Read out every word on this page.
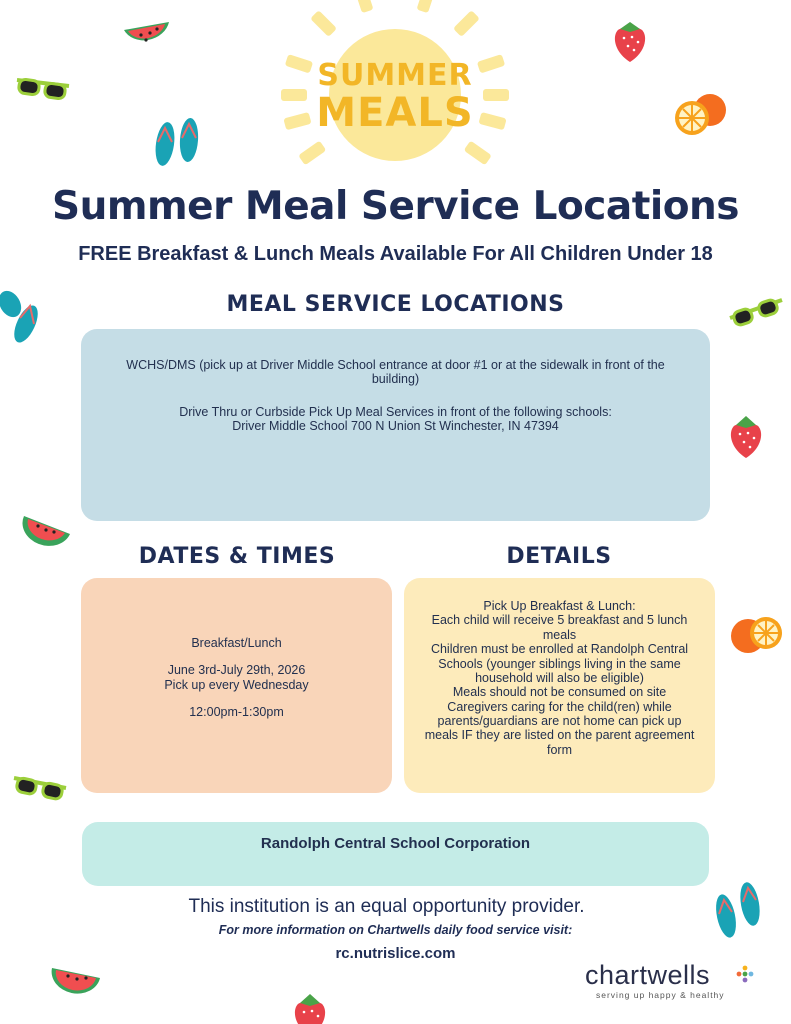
SUMMER
MEALS
Summer Meal Service Locations
FREE Breakfast & Lunch Meals Available For All Children Under 18
MEAL SERVICE LOCATIONS

WCHS/DMS (pick up at Driver Middle School entrance at door #1 or at the sidewalk in front of the building)

Drive Thru or Curbside Pick Up Meal Services in front of the following schools:

Driver Middle School 700 N Union St Winchester, IN 47394

DATES & TIMES

Breakfast/Lunch

June 3rd-July 29th, 2026

Pick up every Wednesday

12:00pm-1:30pm

DETAILS

Pick Up Breakfast & Lunch:

Each child will receive 5 breakfast and 5 lunch meals

Children must be enrolled at Randolph Central Schools (younger siblings living in the same household will also be eligible)

Meals should not be consumed on site

Caregivers caring for the child(ren) while parents/guardians are not home can pick up meals IF they are listed on the parent agreement form

Randolph Central School Corporation
This institution is an equal opportunity provider.
For more information on Chartwells daily food service visit:
rc.nutrislice.com
chartwells
serving up happy & healthy
